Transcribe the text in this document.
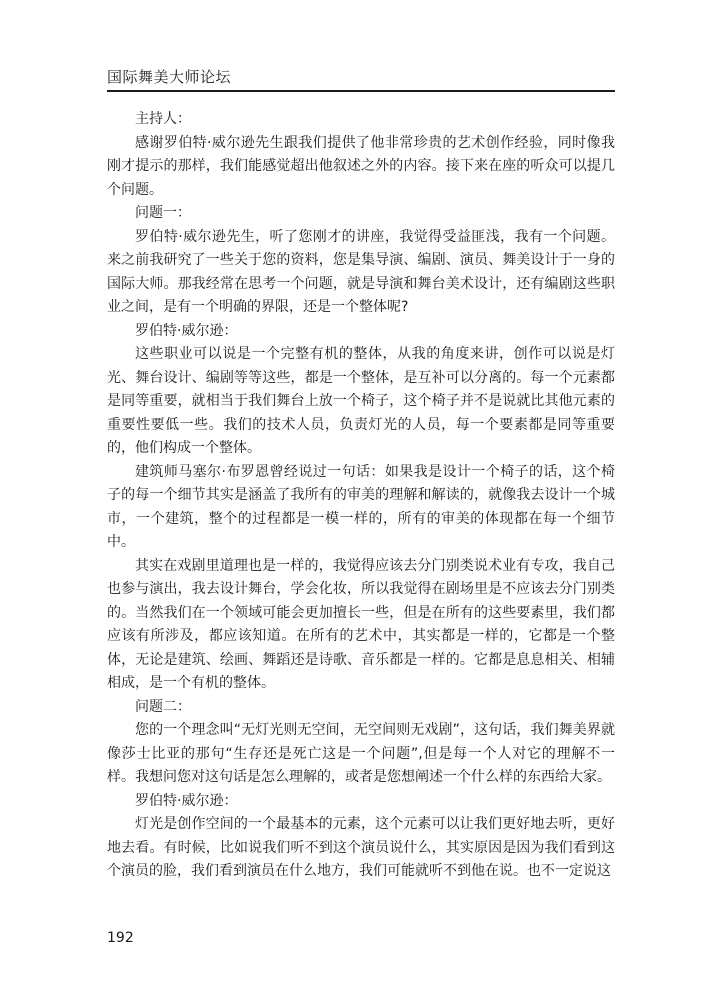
国际舞美大师论坛

主持人：

感谢罗伯特·威尔逊先生跟我们提供了他非常珍贵的艺术创作经验，同时像我刚才提示的那样，我们能感觉超出他叙述之外的内容。接下来在座的听众可以提几个问题。

问题一：

罗伯特·威尔逊先生，听了您刚才的讲座，我觉得受益匪浅，我有一个问题。来之前我研究了一些关于您的资料，您是集导演、编剧、演员、舞美设计于一身的国际大师。那我经常在思考一个问题，就是导演和舞台美术设计，还有编剧这些职业之间，是有一个明确的界限，还是一个整体呢?

罗伯特·威尔逊：

这些职业可以说是一个完整有机的整体，从我的角度来讲，创作可以说是灯光、舞台设计、编剧等等这些，都是一个整体，是互补可以分离的。每一个元素都是同等重要，就相当于我们舞台上放一个椅子，这个椅子并不是说就比其他元素的重要性要低一些。我们的技术人员，负责灯光的人员，每一个要素都是同等重要的，他们构成一个整体。

建筑师马塞尔·布罗恩曾经说过一句话：如果我是设计一个椅子的话，这个椅子的每一个细节其实是涵盖了我所有的审美的理解和解读的，就像我去设计一个城市，一个建筑，整个的过程都是一模一样的，所有的审美的体现都在每一个细节中。

其实在戏剧里道理也是一样的，我觉得应该去分门别类说术业有专攻，我自己也参与演出，我去设计舞台，学会化妆，所以我觉得在剧场里是不应该去分门别类的。当然我们在一个领域可能会更加擅长一些，但是在所有的这些要素里，我们都应该有所涉及，都应该知道。在所有的艺术中，其实都是一样的，它都是一个整体，无论是建筑、绘画、舞蹈还是诗歌、音乐都是一样的。它都是息息相关、相辅相成，是一个有机的整体。

问题二：

您的一个理念叫“无灯光则无空间，无空间则无戏剧”，这句话，我们舞美界就像莎士比亚的那句“生存还是死亡这是一个问题”,但是每一个人对它的理解不一样。我想问您对这句话是怎么理解的，或者是您想阐述一个什么样的东西给大家。

罗伯特·威尔逊：

灯光是创作空间的一个最基本的元素，这个元素可以让我们更好地去听，更好地去看。有时候，比如说我们听不到这个演员说什么，其实原因是因为我们看到这个演员的脸，我们看到演员在什么地方，我们可能就听不到他在说。也不一定说这

192
